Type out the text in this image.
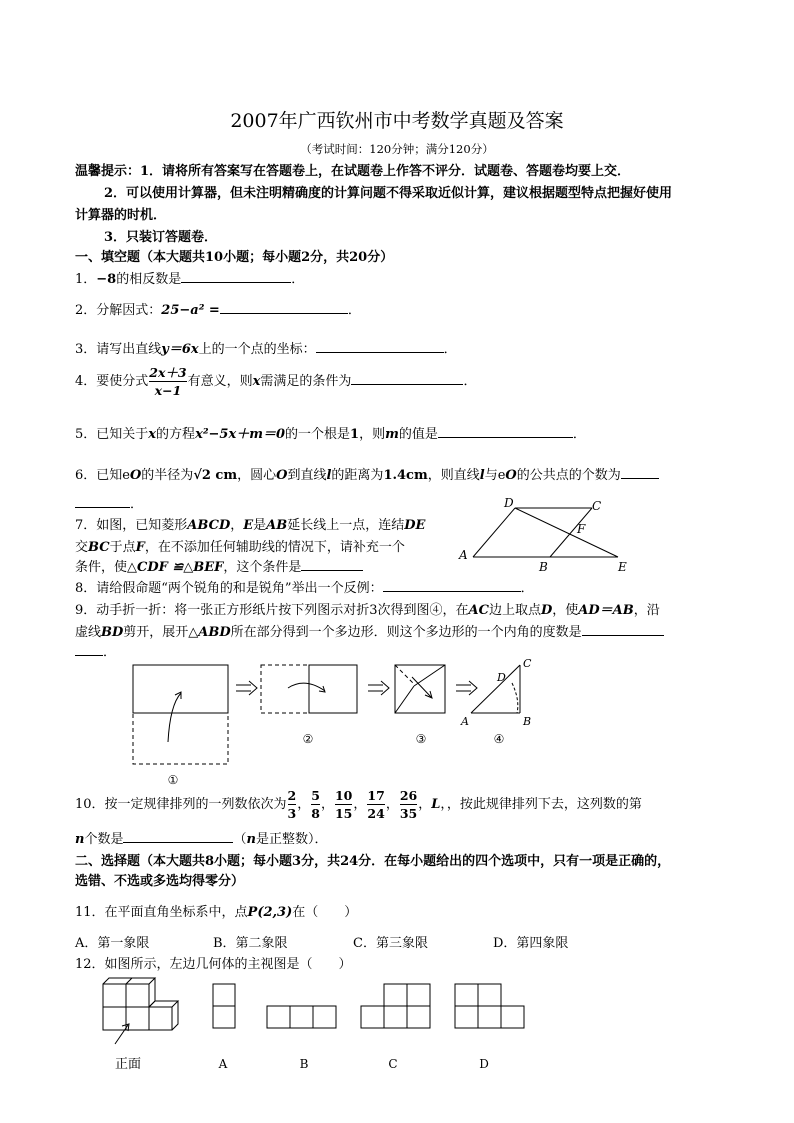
2007年广西钦州市中考数学真题及答案
（考试时间：120分钟；满分120分）
温馨提示：1．请将所有答案写在答题卷上，在试题卷上作答不评分．试题卷、答题卷均要上交．
2．可以使用计算器，但未注明精确度的计算问题不得采取近似计算，建议根据题型特点把握好使用
计算器的时机．
3．只装订答题卷．
一、填空题（本大题共10小题；每小题2分，共20分）
1．−8的相反数是	．
2．分解因式：25−a² =	．
3．请写出直线y＝6x上的一个点的坐标：	．
4．要使分式 $\frac{2x+3}{x-1}$ 有意义，则x需满足的条件为	．
5．已知关于x的方程x²−5x＋m＝0的一个根是1，则m的值是	．
6．已知eO的半径为√2 cm，圆心O到直线l的距离为1.4cm，则直线l与eO的公共点的个数为
．
7．如图，已知菱形ABCD，E是AB延长线上一点，连结DE
交BC于点F，在不添加任何辅助线的情况下，请补充一个
条件，使△CDF ≌△BEF，这个条件是
D	C
F
A
B	E
8．请给假命题“两个锐角的和是锐角”举出一个反例：	．
9．动手折一折：将一张正方形纸片按下列图示对折3次得到图④，在AC边上取点D，使AD＝AB，沿
虚线BD剪开，展开△ABD所在部分得到一个多边形．则这个多边形的一个内角的度数是
．
①
②	③	④
A	B
C
D
10．按一定规律排列的一列数依次为 $\frac{2}{3}$ ， $\frac{5}{8}$ ， $\frac{10}{15}$ ， $\frac{17}{24}$ ， $\frac{26}{35}$ ，L，，按此规律排列下去，这列数的第
n个数是	（n是正整数）．
二、选择题（本大题共8小题；每小题3分，共24分．在每小题给出的四个选项中，只有一项是正确的，
选错、不选或多选均得零分）
11．在平面直角坐标系中，点P(2,3)在（　　）
A．第一象限	B．第二象限	C．第三象限	D．第四象限
12．如图所示，左边几何体的主视图是（　　）
正面	A	B	C	D
